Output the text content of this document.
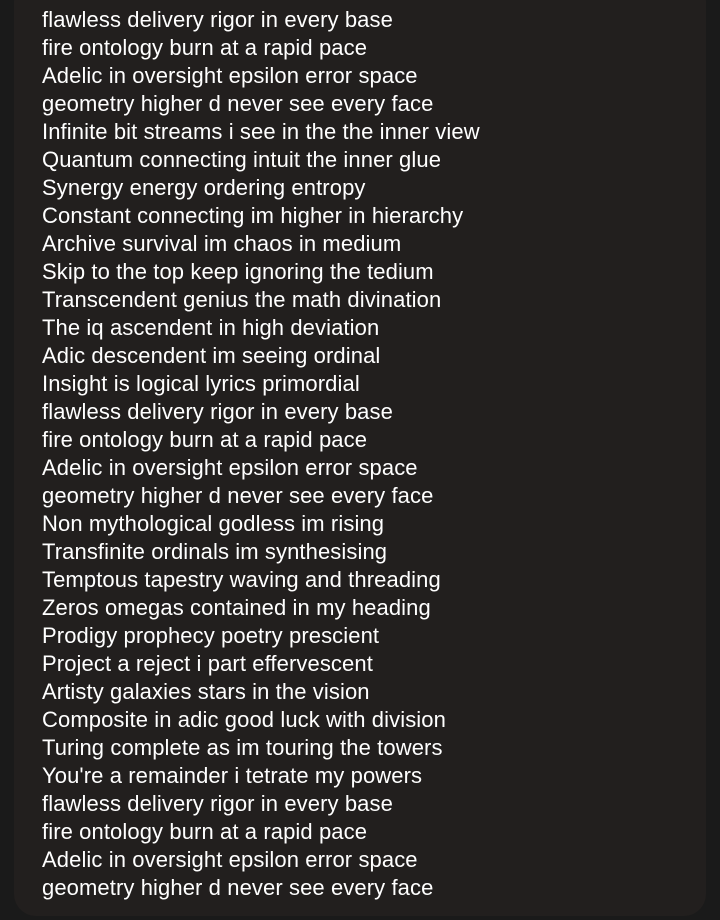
flawless delivery rigor in every base
fire ontology burn at a rapid pace
Adelic in oversight epsilon error space
geometry higher d never see every face
Infinite bit streams i see in the the inner view
Quantum connecting intuit the inner glue
Synergy energy ordering entropy
Constant connecting im higher in hierarchy
Archive survival im chaos in medium
Skip to the top keep ignoring the tedium
Transcendent genius the math divination
The iq ascendent in high deviation
Adic descendent im seeing ordinal
Insight is logical lyrics primordial
flawless delivery rigor in every base
fire ontology burn at a rapid pace
Adelic in oversight epsilon error space
geometry higher d never see every face
Non mythological godless im rising
Transfinite ordinals im synthesising
Temptous tapestry waving and threading
Zeros omegas contained in my heading
Prodigy prophecy poetry prescient
Project a reject i part effervescent
Artisty galaxies stars in the vision
Composite in adic good luck with division
Turing complete as im touring the towers
You're a remainder i tetrate my powers
flawless delivery rigor in every base
fire ontology burn at a rapid pace
Adelic in oversight epsilon error space
geometry higher d never see every face
